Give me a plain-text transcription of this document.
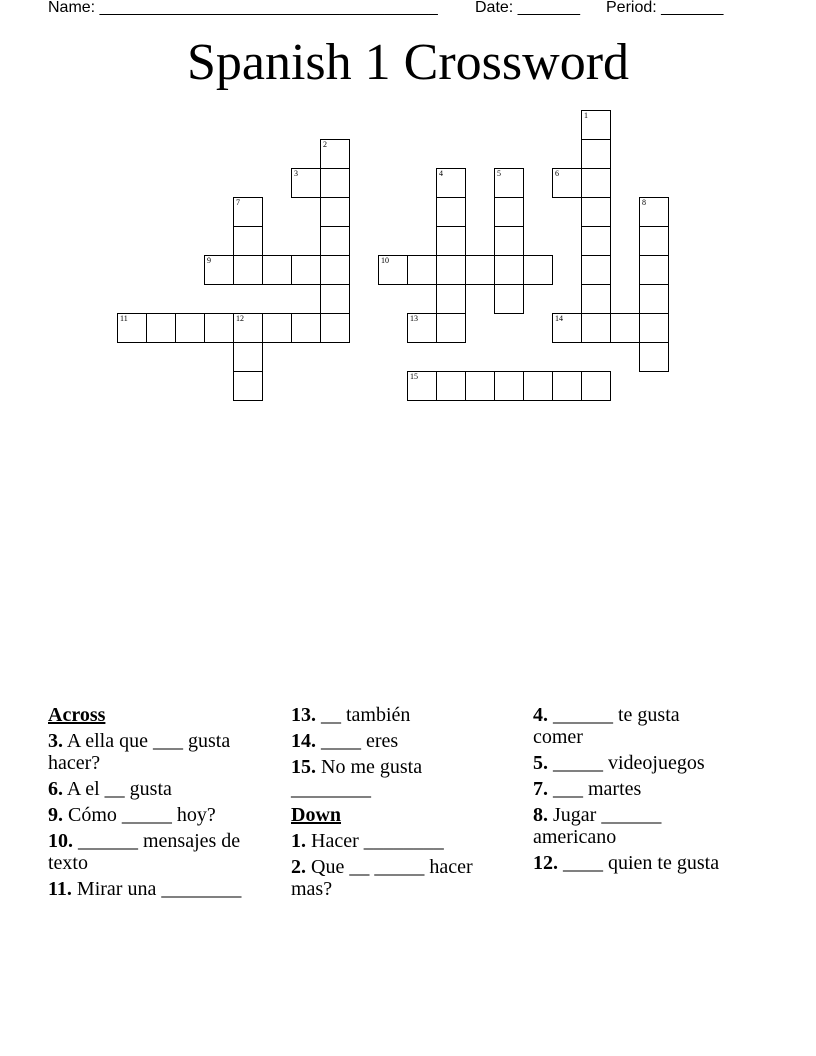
Name: ______________________________________ Date: _______ Period: _______
Spanish 1 Crossword
1
2
3	4	5	6
7	8
9	10
11	12	13	14
15
Across
3. A ella que ___ gusta hacer?
6. A el __ gusta
9. Cómo _____ hoy?
10. ______ mensajes de texto
11. Mirar una ________
13. __ también
14. ____ eres
15. No me gusta ________
Down
1. Hacer ________
2. Que __ _____ hacer mas?
4. ______ te gusta comer
5. _____ videojuegos
7. ___ martes
8. Jugar ______ americano
12. ____ quien te gusta
